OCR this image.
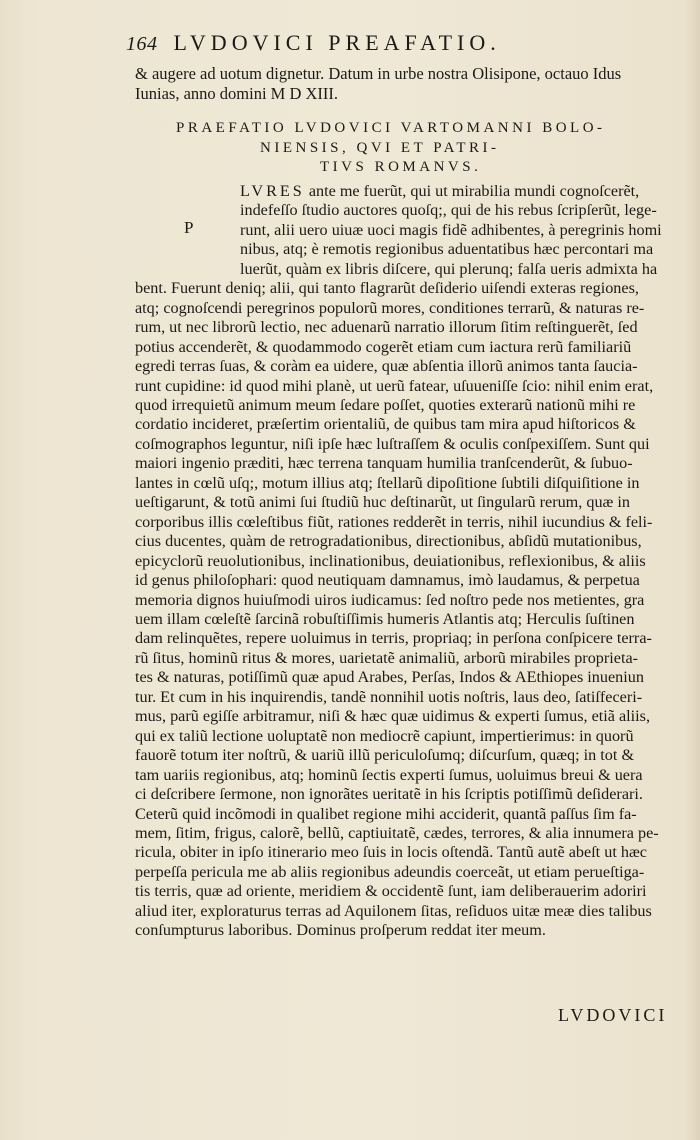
164 LVDOVICI PREAFATIO.
& augere ad uotum dignetur. Datum in urbe nostra Olisipone, octauo Idus
Iunias, anno domini M D XIII.
PRAEFATIO LVDOVICI VARTOMANNI BOLO-
NIENSIS, QVI ET PATRI-
TIVS ROMANVS.
P
LVRES ante me fuerũt, qui ut mirabilia mundi cognoſcerẽt,
indefeſſo ſtudio auctores quoſq;, qui de his rebus ſcripſerũt, lege-
runt, alii uero uiuæ uoci magis fidẽ adhibentes, à peregrinis homi
nibus, atq; è remotis regionibus aduentatibus hæc percontari ma
luerũt, quàm ex libris diſcere, qui plerunq; falſa ueris admixta ha
bent. Fuerunt deniq; alii, qui tanto flagrarũt deſiderio uiſendi exteras regiones,
atq; cognoſcendi peregrinos populorũ mores, conditiones terrarũ, & naturas re-
rum, ut nec librorũ lectio, nec aduenarũ narratio illorum ſitim reſtinguerẽt, ſed
potius accenderẽt, & quodammodo cogerẽt etiam cum iactura rerũ familiariũ
egredi terras ſuas, & coràm ea uidere, quæ abſentia illorũ animos tanta ſaucia-
runt cupidine: id quod mihi planè, ut uerũ fatear, uſuueniſſe ſcio: nihil enim erat,
quod irrequietũ animum meum ſedare poſſet, quoties exterarũ nationũ mihi re
cordatio incideret, præſertim orientaliũ, de quibus tam mira apud hiſtoricos &
coſmographos leguntur, niſi ipſe hæc luſtraſſem & oculis conſpexiſſem. Sunt qui
maiori ingenio præditi, hæc terrena tanquam humilia tranſcenderũt, & ſubuo-
lantes in cœlũ uſq;, motum illius atq; ſtellarũ dipoſitione ſubtili diſquiſitione in
ueſtigarunt, & totũ animi ſui ſtudiũ huc deſtinarũt, ut ſingularũ rerum, quæ in
corporibus illis cœleſtibus fiũt, rationes redderẽt in terris, nihil iucundius & feli-
cius ducentes, quàm de retrogradationibus, directionibus, abſidũ mutationibus,
epicyclorũ reuolutionibus, inclinationibus, deuiationibus, reflexionibus, & aliis
id genus philoſophari: quod neutiquam damnamus, imò laudamus, & perpetua
memoria dignos huiuſmodi uiros iudicamus: ſed noſtro pede nos metientes, gra
uem illam cœleſtẽ ſarcinã robuſtiſſimis humeris Atlantis atq; Herculis ſuſtinen
dam relinquẽtes, repere uoluimus in terris, propriaq; in perſona conſpicere terra-
rũ ſitus, hominũ ritus & mores, uarietatẽ animaliũ, arborũ mirabiles proprieta-
tes & naturas, potiſſimũ quæ apud Arabes, Perſas, Indos & AEthiopes inueniun
tur. Et cum in his inquirendis, tandẽ nonnihil uotis noſtris, laus deo, ſatiſfeceri-
mus, parũ egiſſe arbitramur, niſi & hæc quæ uidimus & experti ſumus, etiã aliis,
qui ex taliũ lectione uoluptatẽ non mediocrẽ capiunt, impertierimus: in quorũ
fauorẽ totum iter noſtrũ, & uariũ illũ periculoſumq; diſcurſum, quæq; in tot &
tam uariis regionibus, atq; hominũ ſectis experti ſumus, uoluimus breui & uera
ci deſcribere ſermone, non ignorãtes ueritatẽ in his ſcriptis potiſſimũ deſiderari.
Ceterũ quid incõmodi in qualibet regione mihi acciderit, quantã paſſus ſim fa-
mem, ſitim, frigus, calorẽ, bellũ, captiuitatẽ, cædes, terrores, & alia innumera pe-
ricula, obiter in ipſo itinerario meo ſuis in locis oſtendã. Tantũ autẽ abeſt ut hæc
perpeſſa pericula me ab aliis regionibus adeundis coerceãt, ut etiam perueſtiga-
tis terris, quæ ad oriente, meridiem & occidentẽ ſunt, iam deliberauerim adoriri
aliud iter, exploraturus terras ad Aquilonem ſitas, reſiduos uitæ meæ dies talibus
conſumpturus laboribus. Dominus proſperum reddat iter meum.
LVDOVICI
